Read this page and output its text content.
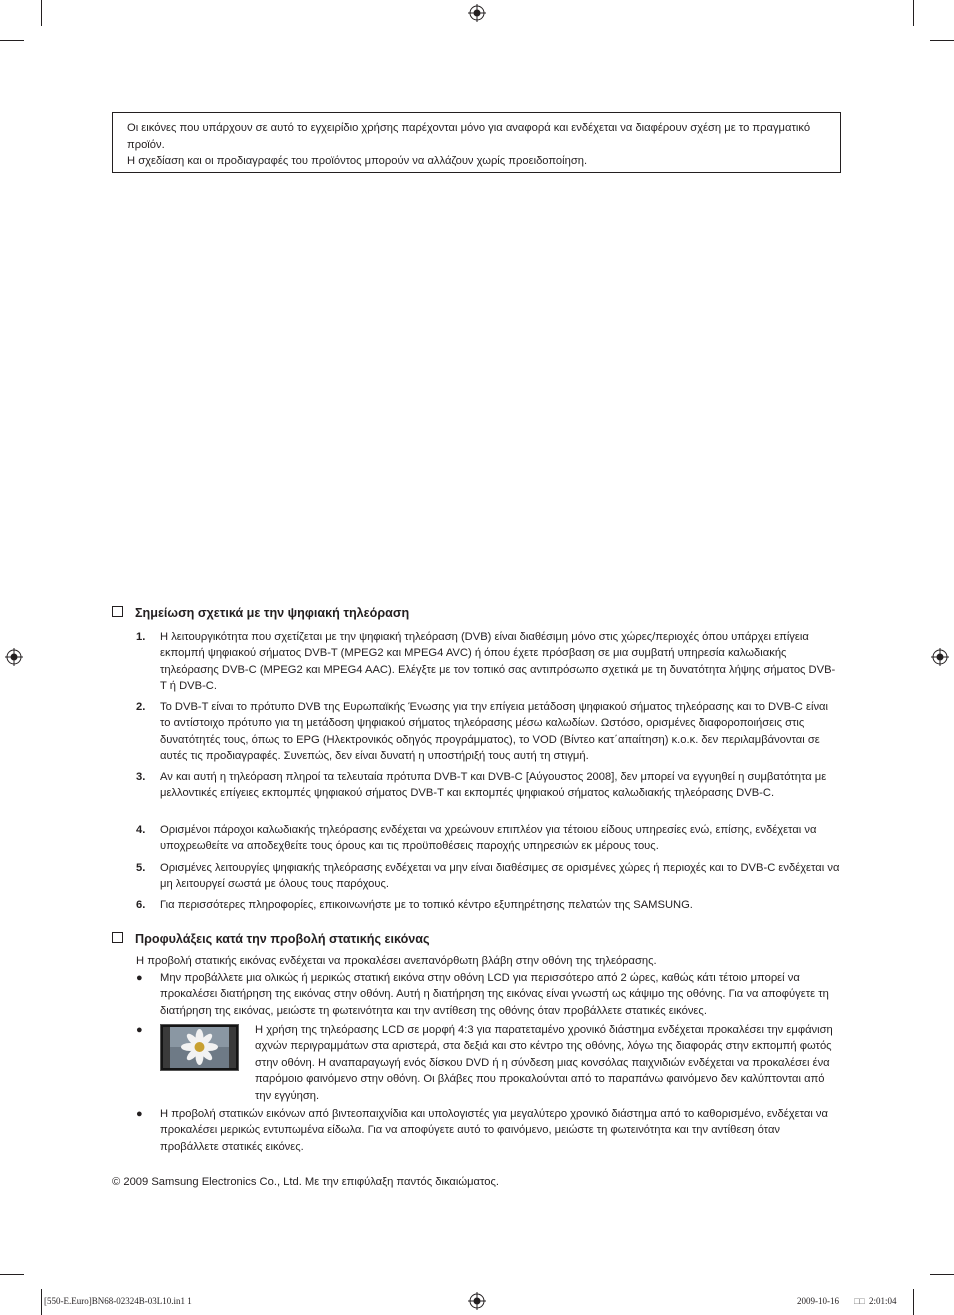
Οι εικόνες που υπάρχουν σε αυτό το εγχειρίδιο χρήσης παρέχονται μόνο για αναφορά και ενδέχεται να διαφέρουν σχέση με το πραγματικό προϊόν.

Η σχεδίαση και οι προδιαγραφές του προϊόντος μπορούν να αλλάζουν χωρίς προειδοποίηση.

Σημείωση σχετικά με την ψηφιακή τηλεόραση
1. Η λειτουργικότητα που σχετίζεται με την ψηφιακή τηλεόραση (DVB) είναι διαθέσιμη μόνο στις χώρες/περιοχές όπου υπάρχει επίγεια εκπομπή ψηφιακού σήματος DVB-T (MPEG2 και MPEG4 AVC) ή όπου έχετε πρόσβαση σε μια συμβατή υπηρεσία καλωδιακής τηλεόρασης DVB-C (MPEG2 και MPEG4 AAC). Ελέγξτε με τον τοπικό σας αντιπρόσωπο σχετικά με τη δυνατότητα λήψης σήματος DVB-T ή DVB-C.
2. Το DVB-T είναι το πρότυπο DVB της Ευρωπαϊκής Ένωσης για την επίγεια μετάδοση ψηφιακού σήματος τηλεόρασης και το DVB-C είναι το αντίστοιχο πρότυπο για τη μετάδοση ψηφιακού σήματος τηλεόρασης μέσω καλωδίων. Ωστόσο, ορισμένες διαφοροποιήσεις στις δυνατότητές τους, όπως το EPG (Ηλεκτρονικός οδηγός προγράμματος), το VOD (Βίντεο κατ΄απαίτηση) κ.ο.κ. δεν περιλαμβάνονται σε αυτές τις προδιαγραφές. Συνεπώς, δεν είναι δυνατή η υποστήριξή τους αυτή τη στιγμή.
3. Αν και αυτή η τηλεόραση πληροί τα τελευταία πρότυπα DVB-T και DVB-C [Αύγουστος 2008], δεν μπορεί να εγγυηθεί η συμβατότητα με μελλοντικές επίγειες εκπομπές ψηφιακού σήματος DVB-T και εκπομπές ψηφιακού σήματος καλωδιακής τηλεόρασης DVB-C.
4. Ορισμένοι πάροχοι καλωδιακής τηλεόρασης ενδέχεται να χρεώνουν επιπλέον για τέτοιου είδους υπηρεσίες ενώ, επίσης, ενδέχεται να υποχρεωθείτε να αποδεχθείτε τους όρους και τις προϋποθέσεις παροχής υπηρεσιών εκ μέρους τους.
5. Ορισμένες λειτουργίες ψηφιακής τηλεόρασης ενδέχεται να μην είναι διαθέσιμες σε ορισμένες χώρες ή περιοχές και το DVB-C ενδέχεται να μη λειτουργεί σωστά με όλους τους παρόχους.
6. Για περισσότερες πληροφορίες, επικοινωνήστε με το τοπικό κέντρο εξυπηρέτησης πελατών της SAMSUNG.
Προφυλάξεις κατά την προβολή στατικής εικόνας
Η προβολή στατικής εικόνας ενδέχεται να προκαλέσει ανεπανόρθωτη βλάβη στην οθόνη της τηλεόρασης.
● Μην προβάλλετε μια ολικώς ή μερικώς στατική εικόνα στην οθόνη LCD για περισσότερο από 2 ώρες, καθώς κάτι τέτοιο μπορεί να προκαλέσει διατήρηση της εικόνας στην οθόνη. Αυτή η διατήρηση της εικόνας είναι γνωστή ως κάψιμο της οθόνης. Για να αποφύγετε τη διατήρηση της εικόνας, μειώστε τη φωτεινότητα και την αντίθεση της οθόνης όταν προβάλλετε στατικές εικόνες.
●	Η χρήση της τηλεόρασης LCD σε μορφή 4:3 για παρατεταμένο χρονικό διάστημα ενδέχεται προκαλέσει την εμφάνιση αχνών περιγραμμάτων στα αριστερά, στα δεξιά και στο κέντρο της οθόνης, λόγω της διαφοράς στην εκπομπή φωτός στην οθόνη. Η αναπαραγωγή ενός δίσκου DVD ή η σύνδεση μιας κονσόλας παιχνιδιών ενδέχεται να προκαλέσει ένα παρόμοιο φαινόμενο στην οθόνη. Οι βλάβες που προκαλούνται από το παραπάνω φαινόμενο δεν καλύπτονται από την εγγύηση.
● Η προβολή στατικών εικόνων από βιντεοπαιχνίδια και υπολογιστές για μεγαλύτερο χρονικό διάστημα από το καθορισμένο, ενδέχεται να προκαλέσει μερικώς εντυπωμένα είδωλα. Για να αποφύγετε αυτό το φαινόμενο, μειώστε τη φωτεινότητα και την αντίθεση όταν προβάλλετε στατικές εικόνες.
© 2009 Samsung Electronics Co., Ltd. Με την επιφύλαξη παντός δικαιώματος.
[550-E.Euro]BN68-02324B-03L10.in1 1	2009-10-16 □□ 2:01:04
